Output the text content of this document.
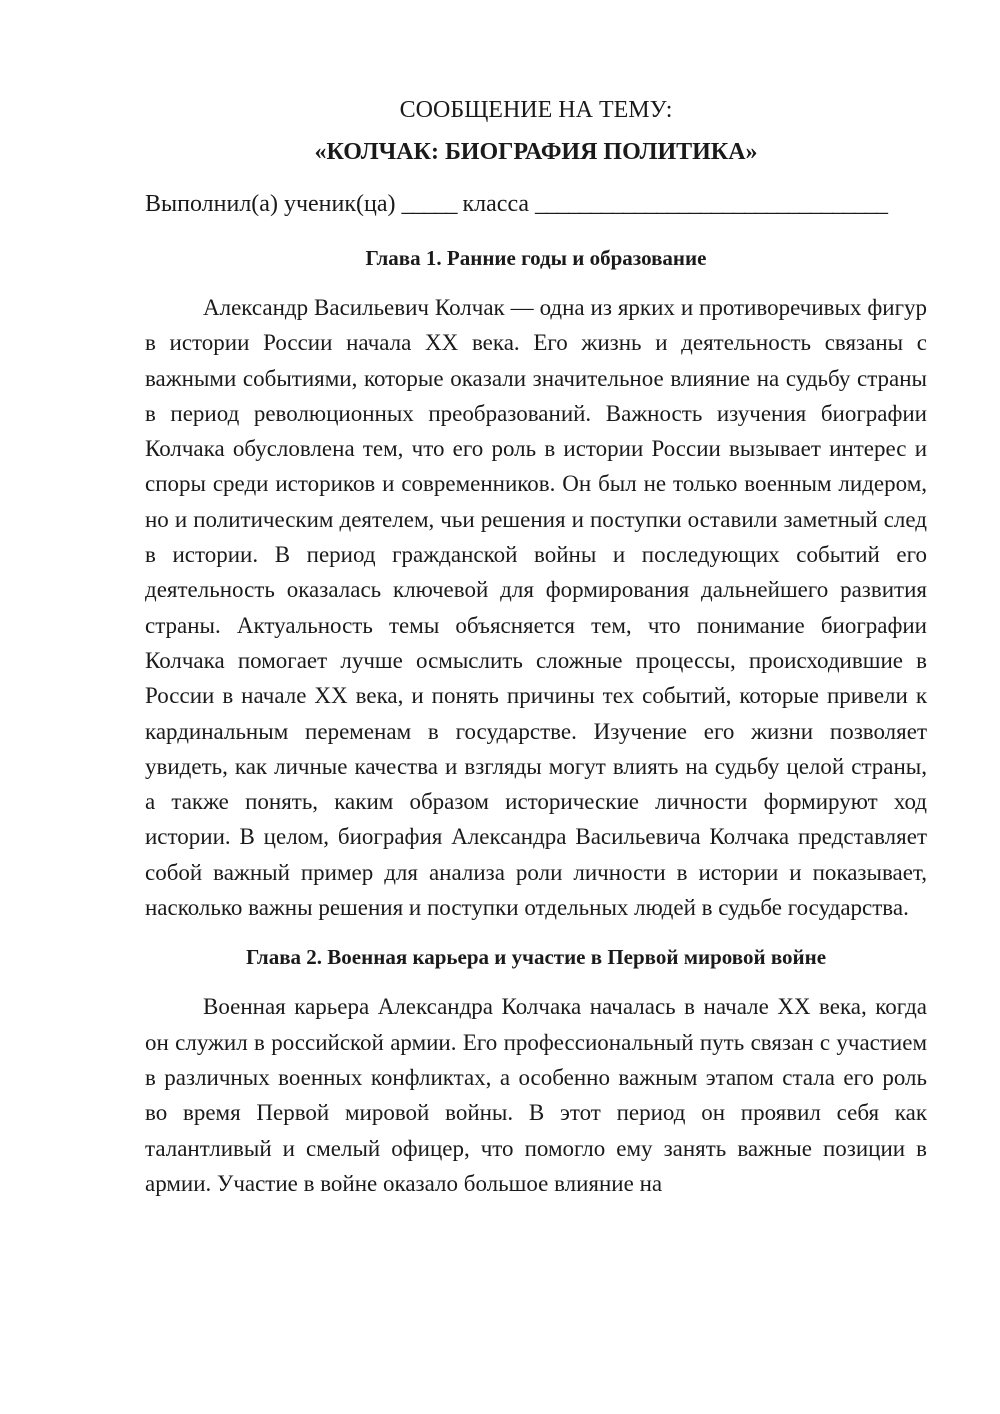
СООБЩЕНИЕ НА ТЕМУ:

«КОЛЧАК: БИОГРАФИЯ ПОЛИТИКА»

Выполнил(а) ученик(ца) _____ класса ________________________________
Глава 1. Ранние годы и образование

Александр Васильевич Колчак — одна из ярких и противоречивых фигур в истории России начала XX века. Его жизнь и деятельность связаны с важными событиями, которые оказали значительное влияние на судьбу страны в период революционных преобразований. Важность изучения биографии Колчака обусловлена тем, что его роль в истории России вызывает интерес и споры среди историков и современников. Он был не только военным лидером, но и политическим деятелем, чьи решения и поступки оставили заметный след в истории. В период гражданской войны и последующих событий его деятельность оказалась ключевой для формирования дальнейшего развития страны. Актуальность темы объясняется тем, что понимание биографии Колчака помогает лучше осмыслить сложные процессы, происходившие в России в начале XX века, и понять причины тех событий, которые привели к кардинальным переменам в государстве. Изучение его жизни позволяет увидеть, как личные качества и взгляды могут влиять на судьбу целой страны, а также понять, каким образом исторические личности формируют ход истории. В целом, биография Александра Васильевича Колчака представляет собой важный пример для анализа роли личности в истории и показывает, насколько важны решения и поступки отдельных людей в судьбе государства.

Глава 2. Военная карьера и участие в Первой мировой войне

Военная карьера Александра Колчака началась в начале XX века, когда он служил в российской армии. Его профессиональный путь связан с участием в различных военных конфликтах, а особенно важным этапом стала его роль во время Первой мировой войны. В этот период он проявил себя как талантливый и смелый офицер, что помогло ему занять важные позиции в армии. Участие в войне оказало большое влияние на
